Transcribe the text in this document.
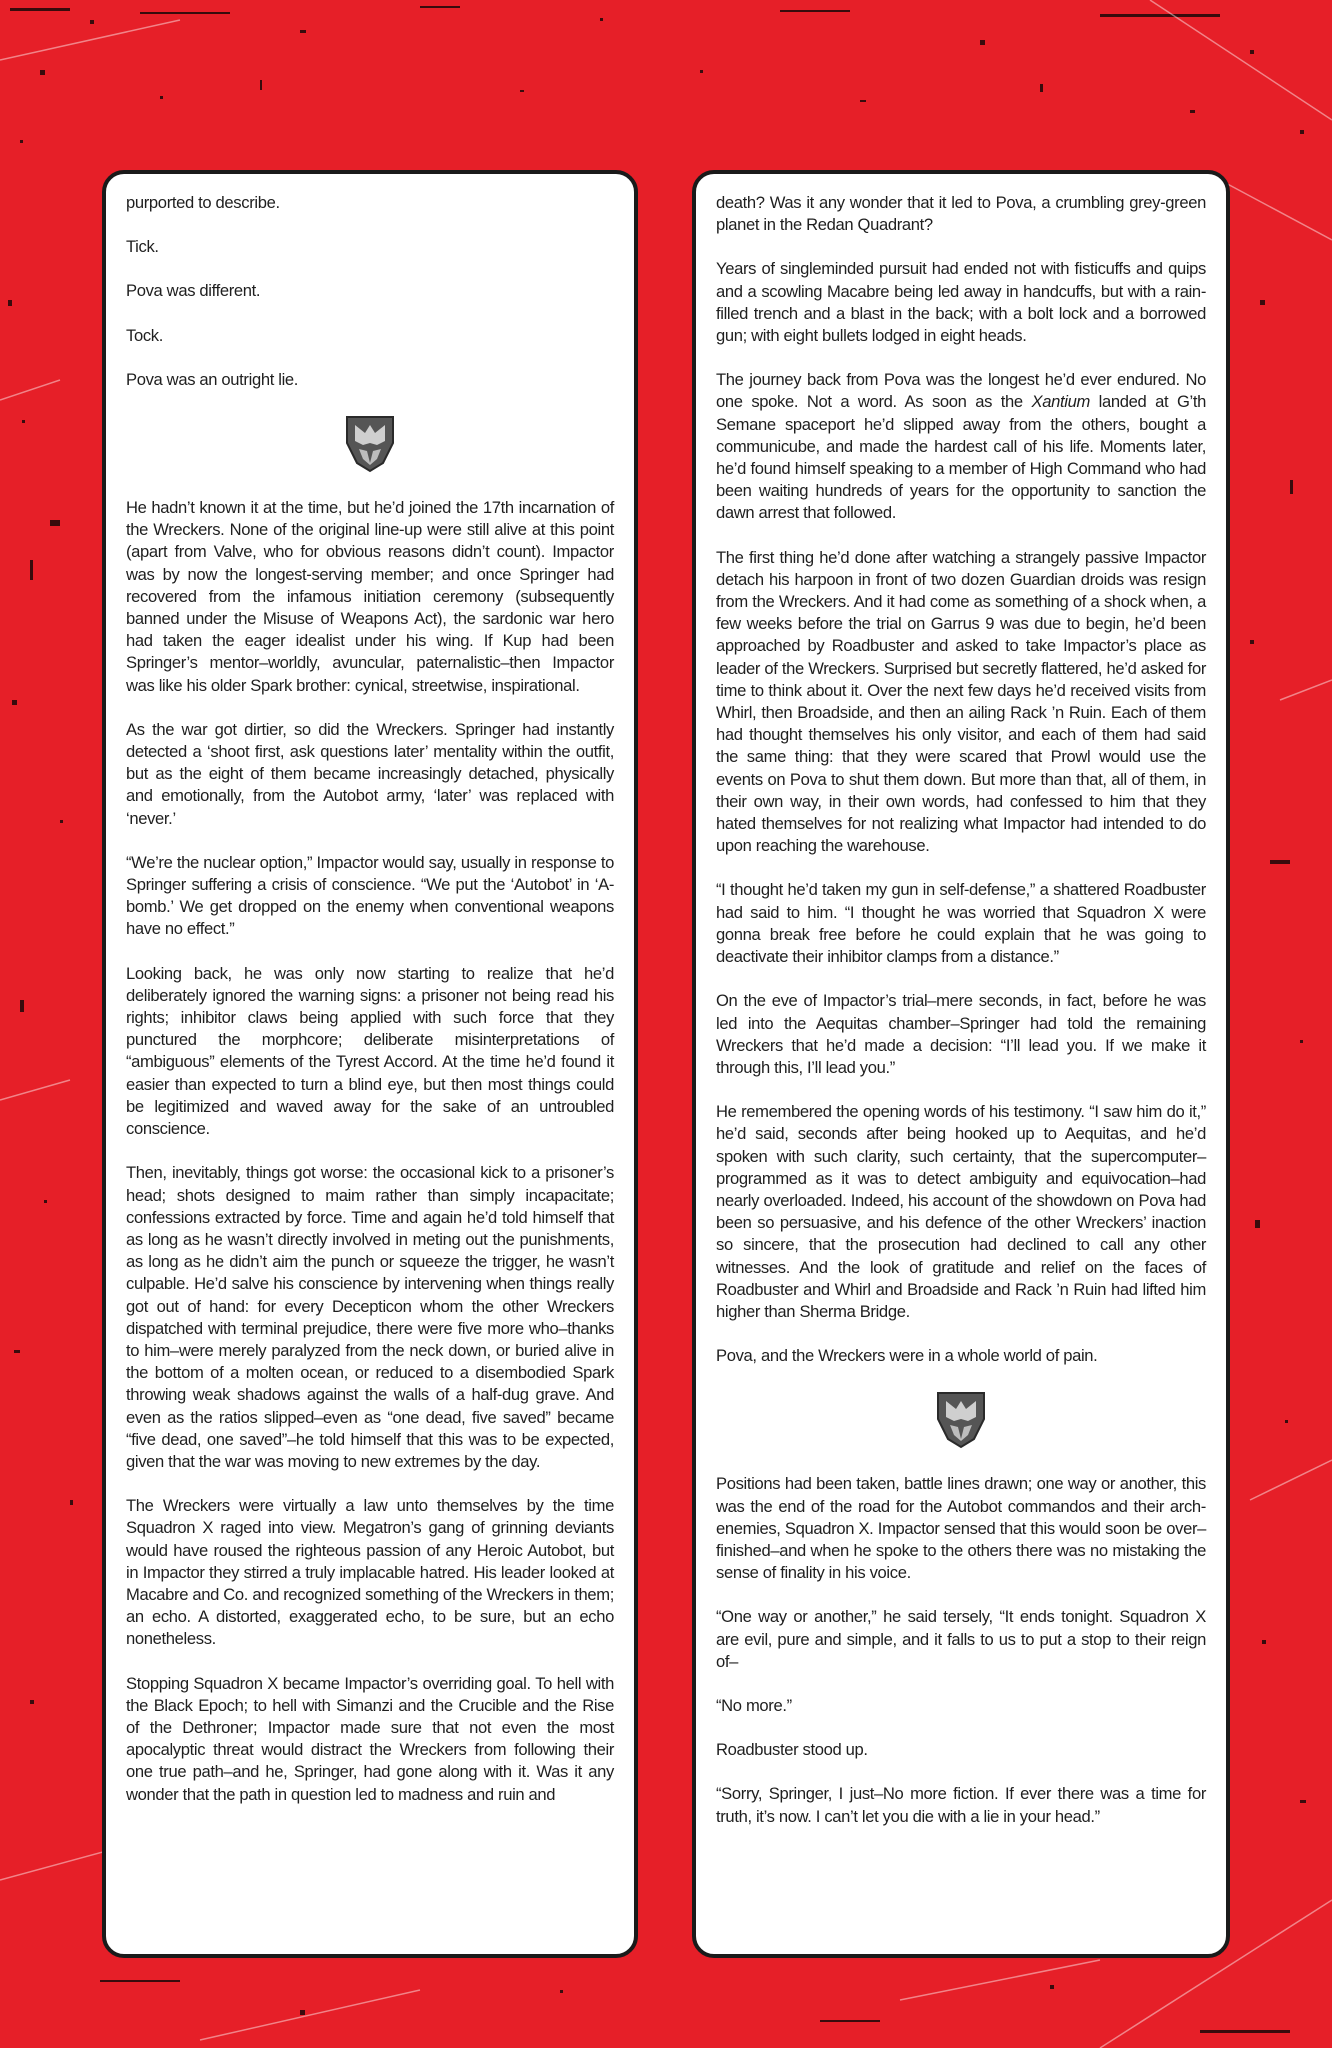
purported to describe.

Tick.

Pova was different.

Tock.

Pova was an outright lie.

He hadn’t known it at the time, but he’d joined the 17th incarnation of the Wreckers. None of the original line-up were still alive at this point (apart from Valve, who for obvious reasons didn’t count). Impactor was by now the longest-serving member; and once Springer had recovered from the infamous initiation ceremony (subsequently banned under the Misuse of Weapons Act), the sardonic war hero had taken the eager idealist under his wing. If Kup had been Springer’s mentor–worldly, avuncular, paternalistic–then Impactor was like his older Spark brother: cynical, streetwise, inspirational.

As the war got dirtier, so did the Wreckers. Springer had instantly detected a ‘shoot first, ask questions later’ mentality within the outfit, but as the eight of them became increasingly detached, physically and emotionally, from the Autobot army, ‘later’ was replaced with ‘never.’

“We’re the nuclear option,” Impactor would say, usually in response to Springer suffering a crisis of conscience. “We put the ‘Autobot’ in ‘A-bomb.’ We get dropped on the enemy when conventional weapons have no effect.”

Looking back, he was only now starting to realize that he’d deliberately ignored the warning signs: a prisoner not being read his rights; inhibitor claws being applied with such force that they punctured the morphcore; deliberate misinterpretations of “ambiguous” elements of the Tyrest Accord. At the time he’d found it easier than expected to turn a blind eye, but then most things could be legitimized and waved away for the sake of an untroubled conscience.

Then, inevitably, things got worse: the occasional kick to a prisoner’s head; shots designed to maim rather than simply incapacitate; confessions extracted by force. Time and again he’d told himself that as long as he wasn’t directly involved in meting out the punishments, as long as he didn’t aim the punch or squeeze the trigger, he wasn’t culpable. He’d salve his conscience by intervening when things really got out of hand: for every Decepticon whom the other Wreckers dispatched with terminal prejudice, there were five more who–thanks to him–were merely paralyzed from the neck down, or buried alive in the bottom of a molten ocean, or reduced to a disembodied Spark throwing weak shadows against the walls of a half-dug grave. And even as the ratios slipped–even as “one dead, five saved” became “five dead, one saved”–he told himself that this was to be expected, given that the war was moving to new extremes by the day.

The Wreckers were virtually a law unto themselves by the time Squadron X raged into view. Megatron’s gang of grinning deviants would have roused the righteous passion of any Heroic Autobot, but in Impactor they stirred a truly implacable hatred. His leader looked at Macabre and Co. and recognized something of the Wreckers in them; an echo. A distorted, exaggerated echo, to be sure, but an echo nonetheless.

Stopping Squadron X became Impactor’s overriding goal. To hell with the Black Epoch; to hell with Simanzi and the Crucible and the Rise of the Dethroner; Impactor made sure that not even the most apocalyptic threat would distract the Wreckers from following their one true path–and he, Springer, had gone along with it. Was it any wonder that the path in question led to madness and ruin and

death? Was it any wonder that it led to Pova, a crumbling grey-green planet in the Redan Quadrant?

Years of singleminded pursuit had ended not with fisticuffs and quips and a scowling Macabre being led away in handcuffs, but with a rain-filled trench and a blast in the back; with a bolt lock and a borrowed gun; with eight bullets lodged in eight heads.

The journey back from Pova was the longest he’d ever endured. No one spoke. Not a word. As soon as the Xantium landed at G’th Semane spaceport he’d slipped away from the others, bought a communicube, and made the hardest call of his life. Moments later, he’d found himself speaking to a member of High Command who had been waiting hundreds of years for the opportunity to sanction the dawn arrest that followed.

The first thing he’d done after watching a strangely passive Impactor detach his harpoon in front of two dozen Guardian droids was resign from the Wreckers. And it had come as something of a shock when, a few weeks before the trial on Garrus 9 was due to begin, he’d been approached by Roadbuster and asked to take Impactor’s place as leader of the Wreckers. Surprised but secretly flattered, he’d asked for time to think about it. Over the next few days he’d received visits from Whirl, then Broadside, and then an ailing Rack ’n Ruin. Each of them had thought themselves his only visitor, and each of them had said the same thing: that they were scared that Prowl would use the events on Pova to shut them down. But more than that, all of them, in their own way, in their own words, had confessed to him that they hated themselves for not realizing what Impactor had intended to do upon reaching the warehouse.

“I thought he’d taken my gun in self-defense,” a shattered Roadbuster had said to him. “I thought he was worried that Squadron X were gonna break free before he could explain that he was going to deactivate their inhibitor clamps from a distance.”

On the eve of Impactor’s trial–mere seconds, in fact, before he was led into the Aequitas chamber–Springer had told the remaining Wreckers that he’d made a decision: “I’ll lead you. If we make it through this, I’ll lead you.”

He remembered the opening words of his testimony. “I saw him do it,” he’d said, seconds after being hooked up to Aequitas, and he’d spoken with such clarity, such certainty, that the supercomputer–programmed as it was to detect ambiguity and equivocation–had nearly overloaded. Indeed, his account of the showdown on Pova had been so persuasive, and his defence of the other Wreckers’ inaction so sincere, that the prosecution had declined to call any other witnesses. And the look of gratitude and relief on the faces of Roadbuster and Whirl and Broadside and Rack ’n Ruin had lifted him higher than Sherma Bridge.

Pova, and the Wreckers were in a whole world of pain.

Positions had been taken, battle lines drawn; one way or another, this was the end of the road for the Autobot commandos and their arch-enemies, Squadron X. Impactor sensed that this would soon be over–finished–and when he spoke to the others there was no mistaking the sense of finality in his voice.

“One way or another,” he said tersely, “It ends tonight. Squadron X are evil, pure and simple, and it falls to us to put a stop to their reign of–

“No more.”

Roadbuster stood up.

“Sorry, Springer, I just–No more fiction. If ever there was a time for truth, it’s now. I can’t let you die with a lie in your head.”
